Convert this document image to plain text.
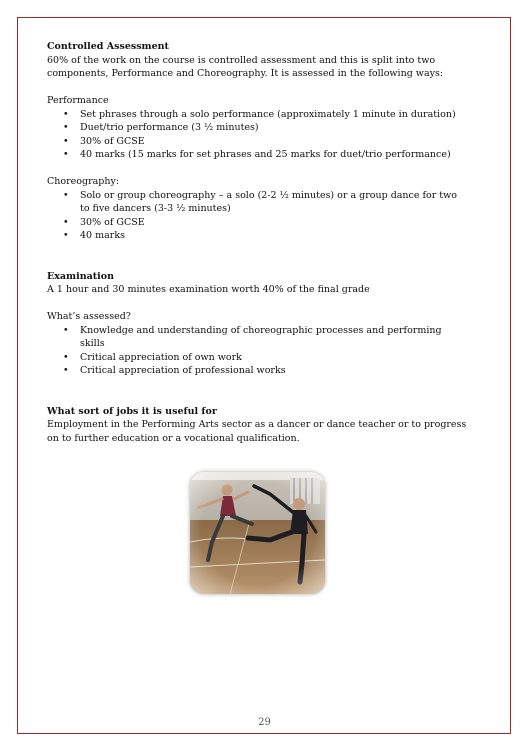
Controlled Assessment

60% of the work on the course is controlled assessment and this is split into two components, Performance and Choreography. It is assessed in the following ways:

Performance

• Set phrases through a solo performance (approximately 1 minute in duration)
• Duet/trio performance (3 ½ minutes)
• 30% of GCSE
• 40 marks (15 marks for set phrases and 25 marks for duet/trio performance)

Choreography:

• Solo or group choreography – a solo (2-2 ½ minutes) or a group dance for two to five dancers (3-3 ½ minutes)
• 30% of GCSE
• 40 marks

Examination

A 1 hour and 30 minutes examination worth 40% of the final grade

What’s assessed?

• Knowledge and understanding of choreographic processes and performing skills
• Critical appreciation of own work
• Critical appreciation of professional works

What sort of jobs it is useful for

Employment in the Performing Arts sector as a dancer or dance teacher or to progress on to further education or a vocational qualification.

29
